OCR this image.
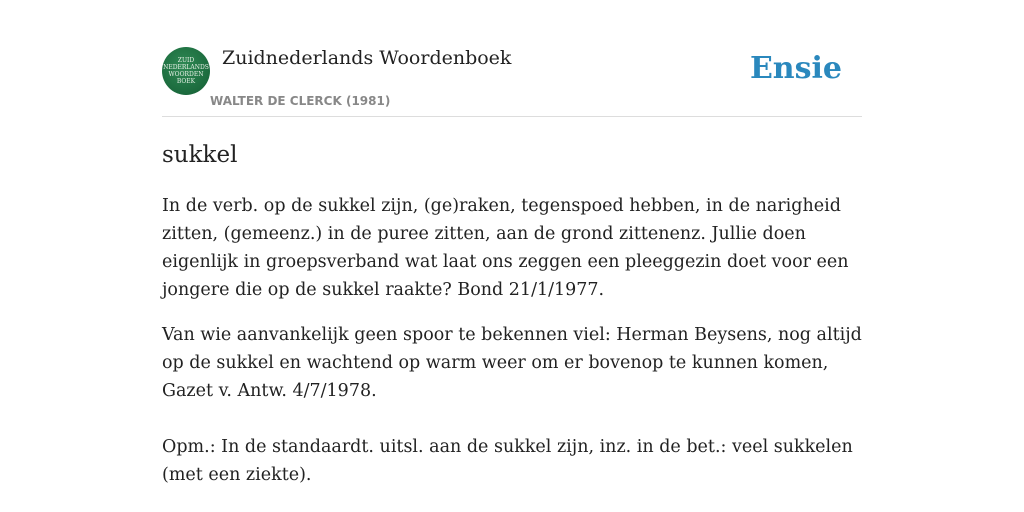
ZUID
NEDERLANDS
WOORDEN
BOEK
Zuidnederlands Woordenboek
WALTER DE CLERCK (1981)
Ensie
sukkel

In de verb. op de sukkel zijn, (ge)raken, tegenspoed hebben, in de narigheid zitten, (gemeenz.) in de puree zitten, aan de grond zittenenz. Jullie doen eigenlijk in groepsverband wat laat ons zeggen een pleeggezin doet voor een jongere die op de sukkel raakte? Bond 21/1/1977.

Van wie aanvankelijk geen spoor te bekennen viel: Herman Beysens, nog altijd op de sukkel en wachtend op warm weer om er bovenop te kunnen komen, Gazet v. Antw. 4/7/1978.

Opm.: In de standaardt. uitsl. aan de sukkel zijn, inz. in de bet.: veel sukkelen (met een ziekte).
